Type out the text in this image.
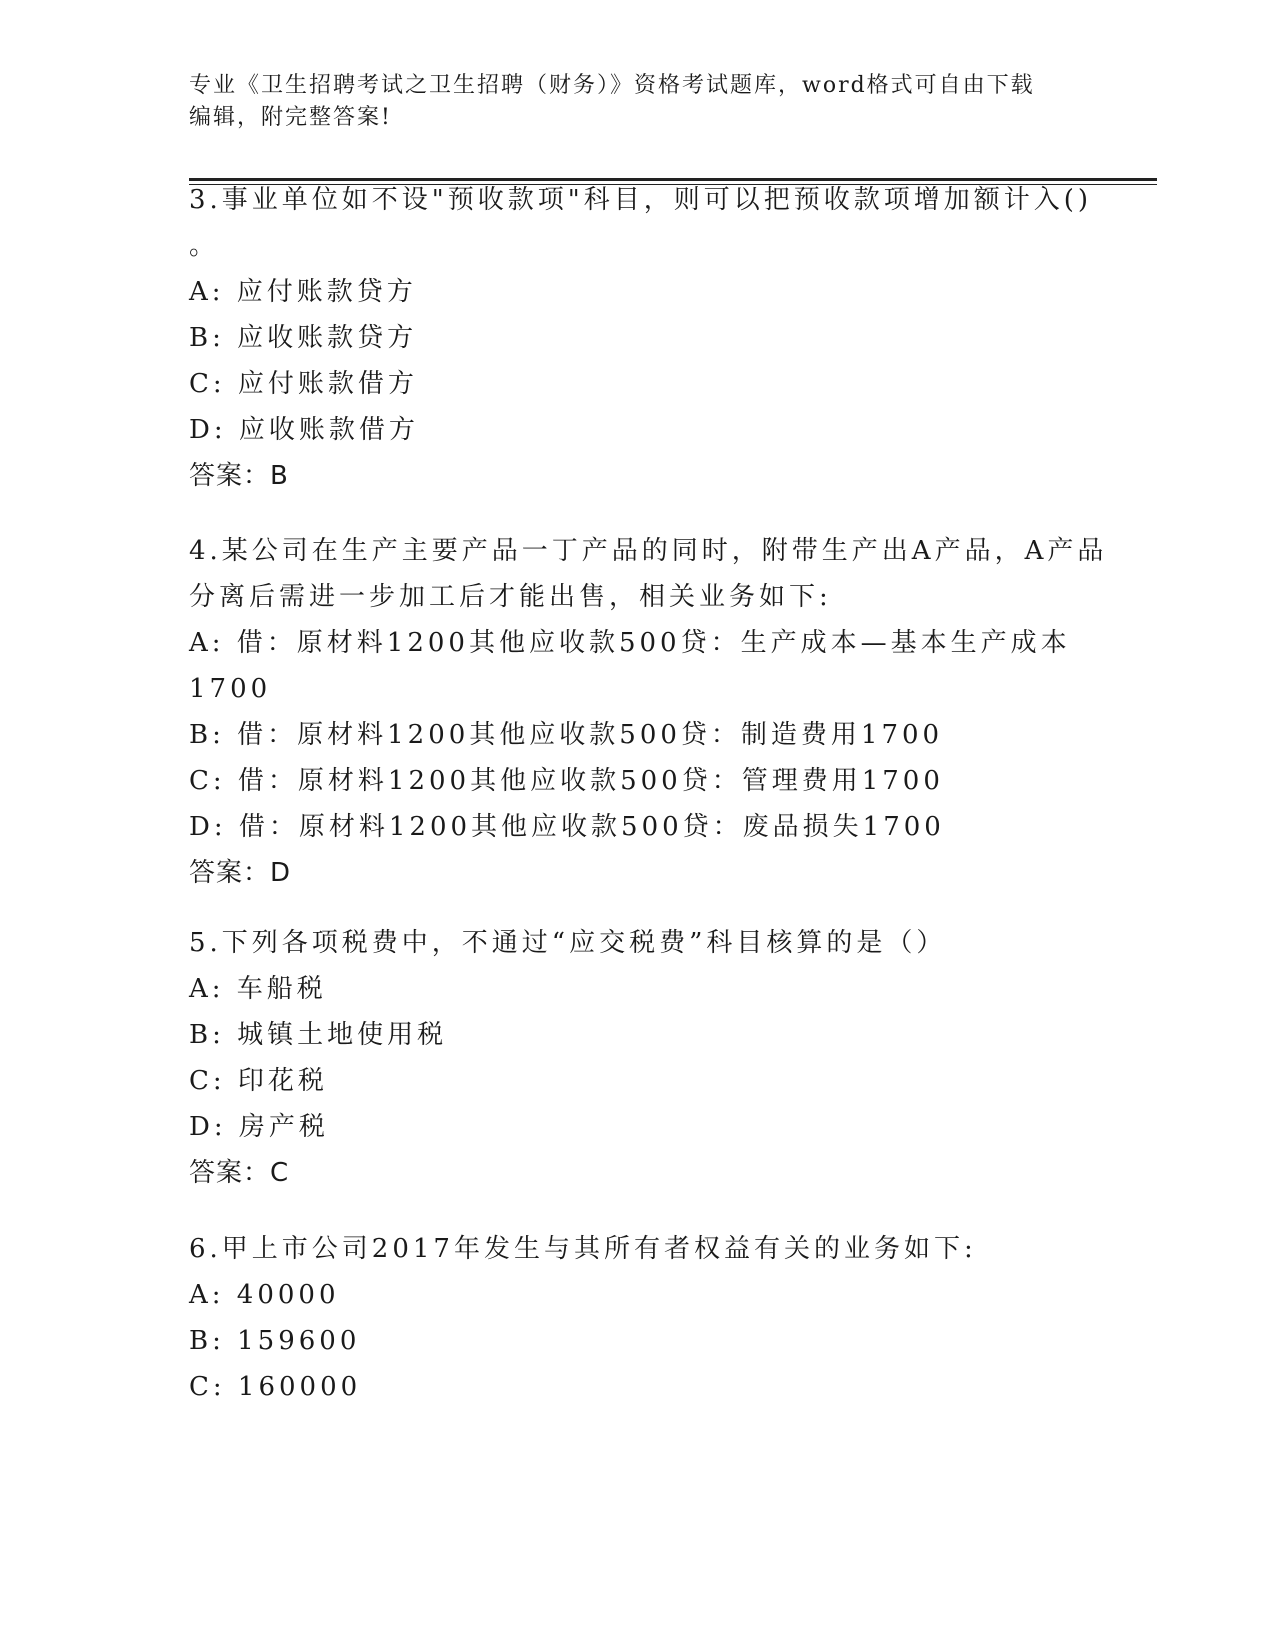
专业《卫生招聘考试之卫生招聘（财务）》资格考试题库，word格式可自由下载
编辑，附完整答案!
3.事业单位如不设"预收款项"科目，则可以把预收款项增加额计入()
。
A: 应付账款贷方
B: 应收账款贷方
C: 应付账款借方
D: 应收账款借方
答案：B
4.某公司在生产主要产品一丁产品的同时，附带生产出A产品，A产品
分离后需进一步加工后才能出售，相关业务如下:
A: 借：原材料1200其他应收款500贷：生产成本—基本生产成本
1700
B: 借：原材料1200其他应收款500贷：制造费用1700
C: 借：原材料1200其他应收款500贷：管理费用1700
D: 借：原材料1200其他应收款500贷：废品损失1700
答案：D
5.下列各项税费中，不通过“应交税费”科目核算的是（）
A: 车船税
B: 城镇土地使用税
C: 印花税
D: 房产税
答案：C
6.甲上市公司2017年发生与其所有者权益有关的业务如下:
A: 40000
B: 159600
C: 160000
